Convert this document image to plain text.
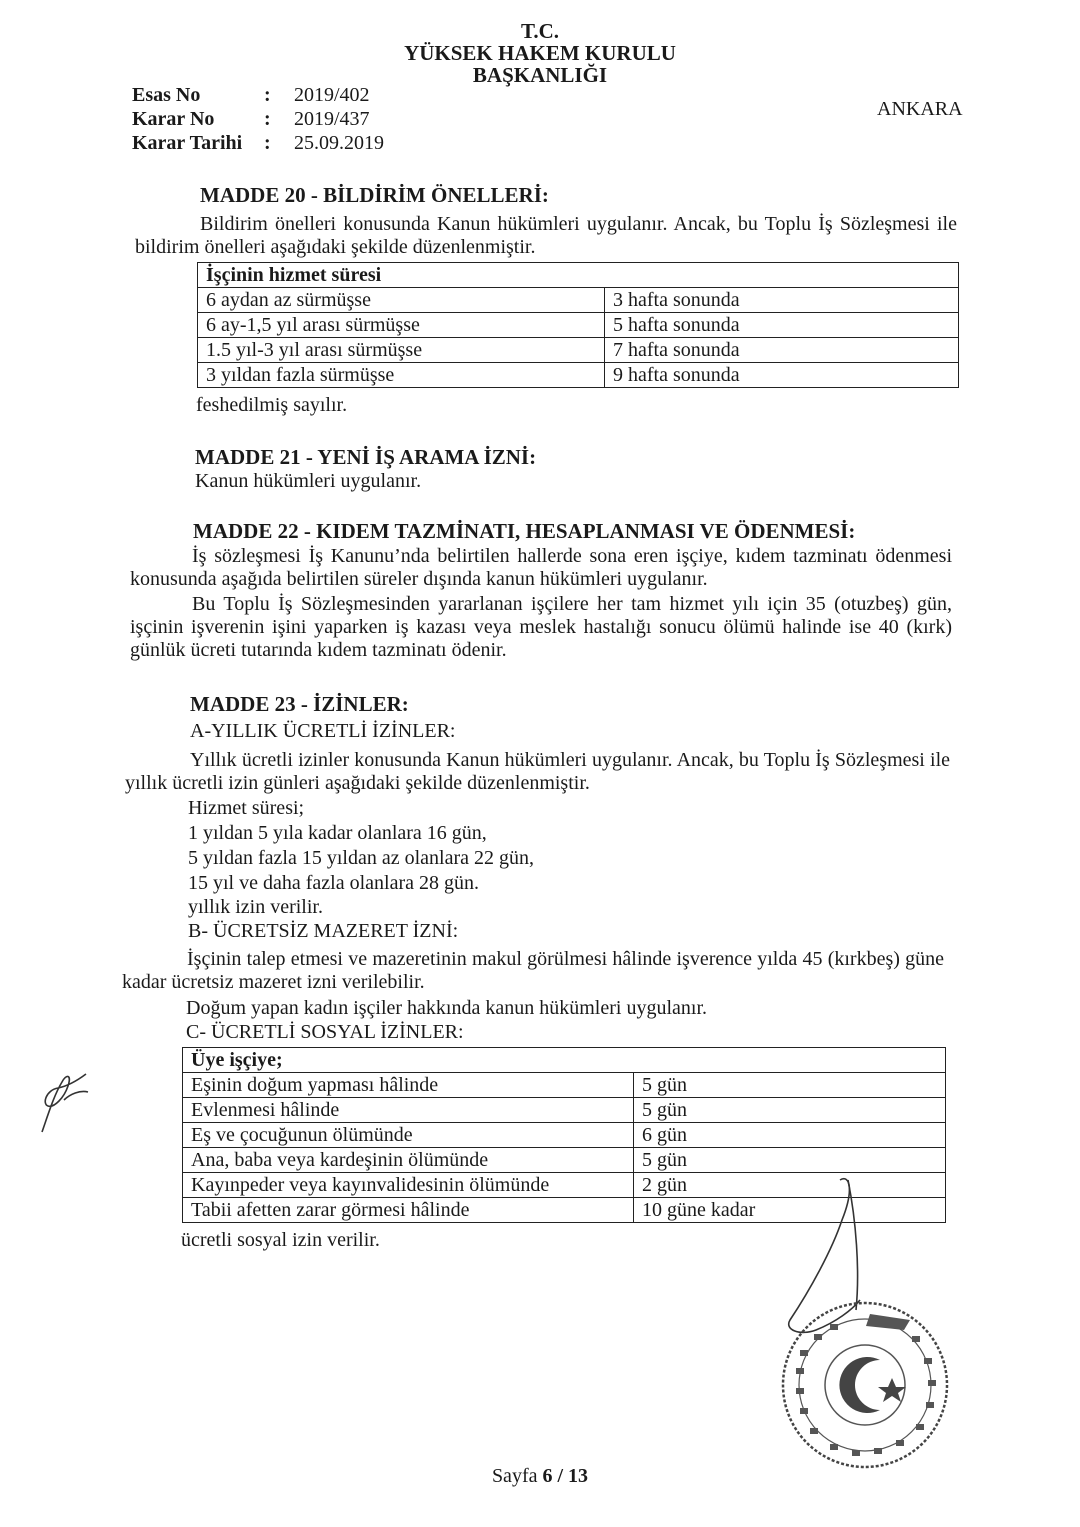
T.C.
YÜKSEK HAKEM KURULU
BAŞKANLIĞI
ANKARA
Esas No	: 2019/402
Karar No : 2019/437
Karar Tarihi : 25.09.2019
MADDE 20 - BİLDİRİM ÖNELLERİ:
Bildirim önelleri konusunda Kanun hükümleri uygulanır. Ancak, bu Toplu İş Sözleşmesi ile bildirim önelleri aşağıdaki şekilde düzenlenmiştir.
İşçinin hizmet süresi	
6 aydan az sürmüşse	3 hafta sonunda
6 ay-1,5 yıl arası sürmüşse	5 hafta sonunda
1.5 yıl-3 yıl arası sürmüşse	7 hafta sonunda
3 yıldan fazla sürmüşse	9 hafta sonunda
feshedilmiş sayılır.
MADDE 21 - YENİ İŞ ARAMA İZNİ:
Kanun hükümleri uygulanır.
MADDE 22 - KIDEM TAZMİNATI, HESAPLANMASI VE ÖDENMESİ:
İş sözleşmesi İş Kanunu’nda belirtilen hallerde sona eren işçiye, kıdem tazminatı ödenmesi konusunda aşağıda belirtilen süreler dışında kanun hükümleri uygulanır.
Bu Toplu İş Sözleşmesinden yararlanan işçilere her tam hizmet yılı için 35 (otuzbeş) gün, işçinin işverenin işini yaparken iş kazası veya meslek hastalığı sonucu ölümü halinde ise 40 (kırk) günlük ücreti tutarında kıdem tazminatı ödenir.
MADDE 23 - İZİNLER:
A-YILLIK ÜCRETLİ İZİNLER:
Yıllık ücretli izinler konusunda Kanun hükümleri uygulanır. Ancak, bu Toplu İş Sözleşmesi ile yıllık ücretli izin günleri aşağıdaki şekilde düzenlenmiştir.
Hizmet süresi;
1 yıldan 5 yıla kadar olanlara 16 gün,
5 yıldan fazla 15 yıldan az olanlara 22 gün,
15 yıl ve daha fazla olanlara 28 gün.
yıllık izin verilir.
B- ÜCRETSİZ MAZERET İZNİ:
İşçinin talep etmesi ve mazeretinin makul görülmesi hâlinde işverence yılda 45 (kırkbeş) güne kadar ücretsiz mazeret izni verilebilir.
Doğum yapan kadın işçiler hakkında kanun hükümleri uygulanır.
C- ÜCRETLİ SOSYAL İZİNLER:
Üye işçiye;	
Eşinin doğum yapması hâlinde	5 gün
Evlenmesi hâlinde	5 gün
Eş ve çocuğunun ölümünde	6 gün
Ana, baba veya kardeşinin ölümünde	5 gün
Kayınpeder veya kayınvalidesinin ölümünde	2 gün
Tabii afetten zarar görmesi hâlinde	10 güne kadar
ücretli sosyal izin verilir.
Sayfa 6 / 13
